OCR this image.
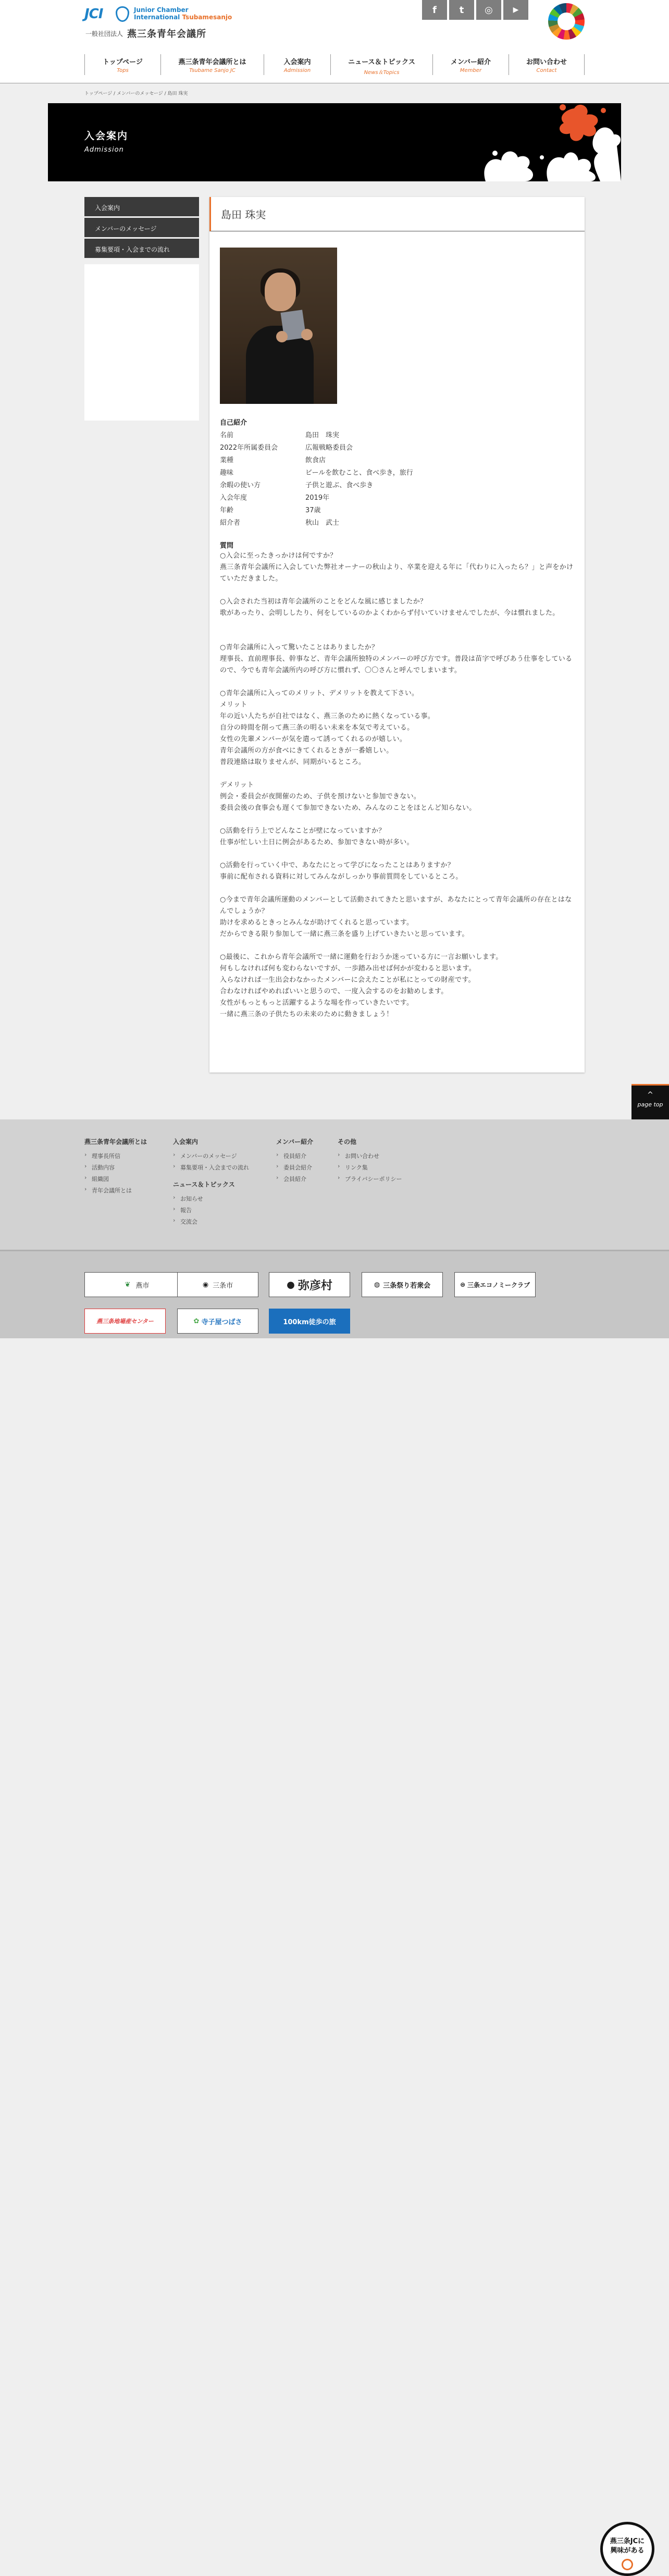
JCI	Junior Chamber
International Tsubamesanjo
一般社団法人 燕三条青年会議所
f t ◎	▶
トップページ
Tops
燕三条青年会議所とは
Tsubame Sanjo JC
入会案内
Admission
ニュース＆トピックス
News＆Topics
メンバー紹介
Member
お問い合わせ
Contact
トップページ / メンバーのメッセージ / 島田 珠実
入会案内
Admission
入会案内
メンバーのメッセージ
募集要項・入会までの流れ
島田 珠実
自己紹介
名前	島田　珠実
2022年所属委員会	広報戦略委員会
業種	飲食店
趣味	ビールを飲むこと、食べ歩き，旅行
余暇の使い方	子供と遊ぶ、食べ歩き
入会年度	2019年
年齢	37歳
紹介者	秋山　武士
質問
○入会に至ったきっかけは何ですか？
燕三条青年会議所に入会していた弊社オーナーの秋山より、卒業を迎える年に「代わりに入ったら？」と声をかけていただきました。
○入会された当初は青年会議所のことをどんな風に感じましたか？
歌があったり、会明ししたり、何をしているのかよくわからず付いていけませんでしたが、今は慣れました。
○青年会議所に入って驚いたことはありましたか？
理事長、直前理事長、幹事など、青年会議所独特のメンバーの呼び方です。普段は苗字で呼びあう仕事をしているので、今でも青年会議所内の呼び方に慣れず、〇〇さんと呼んでしまいます。
○青年会議所に入ってのメリット、デメリットを教えて下さい。
メリット
年の近い人たちが自社ではなく、燕三条のために熱くなっている事。
自分の時間を削って燕三条の明るい未来を本気で考えている。
女性の先輩メンバーが気を遣って誘ってくれるのが嬉しい。
青年会議所の方が食べにきてくれるときが一番嬉しい。
普段連絡は取りませんが、同期がいるところ。
デメリット
例会・委員会が夜開催のため、子供を預けないと参加できない。
委員会後の食事会も遅くて参加できないため、みんなのことをほとんど知らない。
○活動を行う上でどんなことが壁になっていますか？
仕事が忙しい土日に例会があるため、参加できない時が多い。
○活動を行っていく中で、あなたにとって学びになったことはありますか？
事前に配布される資料に対してみんながしっかり事前質問をしているところ。
○今まで青年会議所運動のメンバーとして活動されてきたと思いますが、あなたにとって青年会議所の存在とはなんでしょうか？
助けを求めるときっとみんなが助けてくれると思っています。
だからできる限り参加して一緒に燕三条を盛り上げていきたいと思っています。
○最後に、これから青年会議所で一緒に運動を行おうか迷っている方に一言お願いします。
何もしなければ何も変わらないですが、一歩踏み出せば何かが変わると思います。
入らなければ一生出会わなかったメンバーに会えたことが私にとっての財産です。
合わなければやめればいいと思うので、一度入会するのをお勧めします。
女性がもっともっと活躍するような場を作っていきたいです。
一緒に燕三条の子供たちの未来のために動きましょう！
^
page top
燕三条青年会議所とは
› 理事長所信
› 活動内容
› 組織図
› 青年会議所とは
入会案内
› メンバーのメッセージ
› 募集要項・入会までの流れ
ニュース＆トピックス
› お知らせ
› 報告
› 交流会
メンバー紹介
› 役員紹介
› 委員会紹介
› 会員紹介
その他
› お問い合わせ
› リンク集
› プライバシーポリシー
❦ 燕市	◉ 三条市	● 弥彦村	◍ 三条祭り若衆会	⊜ 三条エコノミークラブ
燕三条地場産センター	✿ 寺子屋つばさ	100km徒歩の旅
燕三条JCに
興味がある
